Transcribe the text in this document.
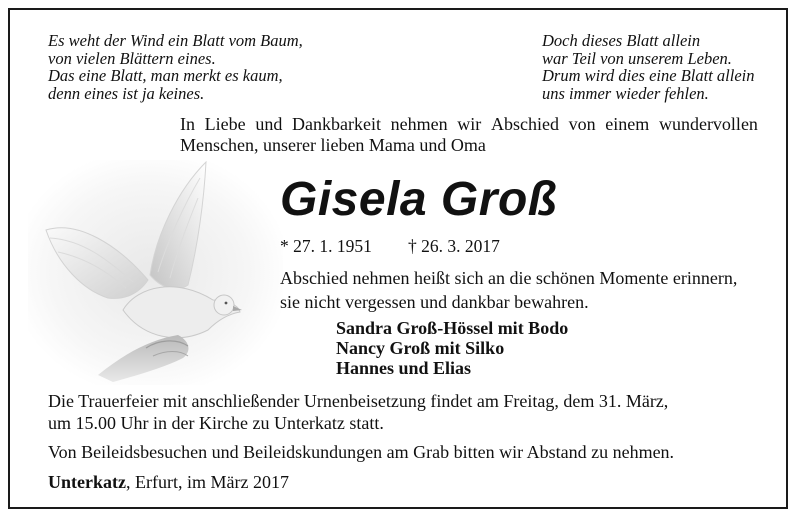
Es weht der Wind ein Blatt vom Baum,
von vielen Blättern eines.
Das eine Blatt, man merkt es kaum,
denn eines ist ja keines.
Doch dieses Blatt allein
war Teil von unserem Leben.
Drum wird dies eine Blatt allein
uns immer wieder fehlen.
In Liebe und Dankbarkeit nehmen wir Abschied von einem wundervollen
Menschen, unserer lieben Mama und Oma
Gisela Groß
* 27. 1. 1951 † 26. 3. 2017
Abschied nehmen heißt sich an die schönen Momente erinnern,
sie nicht vergessen und dankbar bewahren.
Sandra Groß-Hössel mit Bodo
Nancy Groß mit Silko
Hannes und Elias
Die Trauerfeier mit anschließender Urnenbeisetzung findet am Freitag, dem 31. März,
um 15.00 Uhr in der Kirche zu Unterkatz statt.
Von Beileidsbesuchen und Beileidskundungen am Grab bitten wir Abstand zu nehmen.
Unterkatz, Erfurt, im März 2017
